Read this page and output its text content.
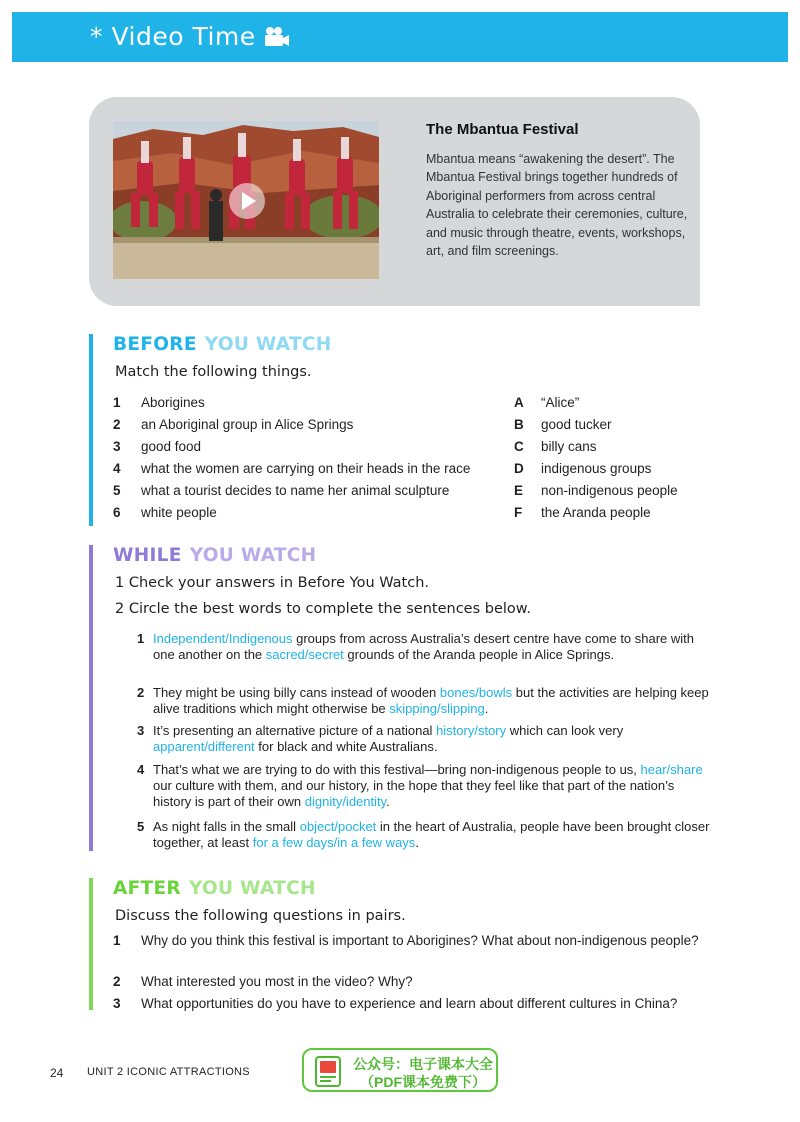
* Video Time
The Mbantua Festival
Mbantua means “awakening the desert”. The Mbantua Festival brings together hundreds of Aboriginal performers from across central Australia to celebrate their ceremonies, culture, and music through theatre, events, workshops, art, and film screenings.
BEFORE YOU WATCH
Match the following things.
1 Aborigines
2 an Aboriginal group in Alice Springs
3 good food
4 what the women are carrying on their heads in the race
5 what a tourist decides to name her animal sculpture
6 white people
A “Alice”
B good tucker
C billy cans
D indigenous groups
E non-indigenous people
F the Aranda people
WHILE YOU WATCH
1 Check your answers in Before You Watch.
2 Circle the best words to complete the sentences below.
1 Independent/Indigenous groups from across Australia’s desert centre have come to share with one another on the sacred/secret grounds of the Aranda people in Alice Springs.
2 They might be using billy cans instead of wooden bones/bowls but the activities are helping keep alive traditions which might otherwise be skipping/slipping.
3 It’s presenting an alternative picture of a national history/story which can look very apparent/different for black and white Australians.
4 That’s what we are trying to do with this festival—bring non-indigenous people to us, hear/share our culture with them, and our history, in the hope that they feel like that part of the nation’s history is part of their own dignity/identity.
5 As night falls in the small object/pocket in the heart of Australia, people have been brought closer together, at least for a few days/in a few ways.
AFTER YOU WATCH
Discuss the following questions in pairs.
1 Why do you think this festival is important to Aborigines? What about non-indigenous people?
2 What interested you most in the video? Why?
3 What opportunities do you have to experience and learn about different cultures in China?
24 UNIT 2 ICONIC ATTRACTIONS	公众号：电子课本大全
（PDF课本免费下）
